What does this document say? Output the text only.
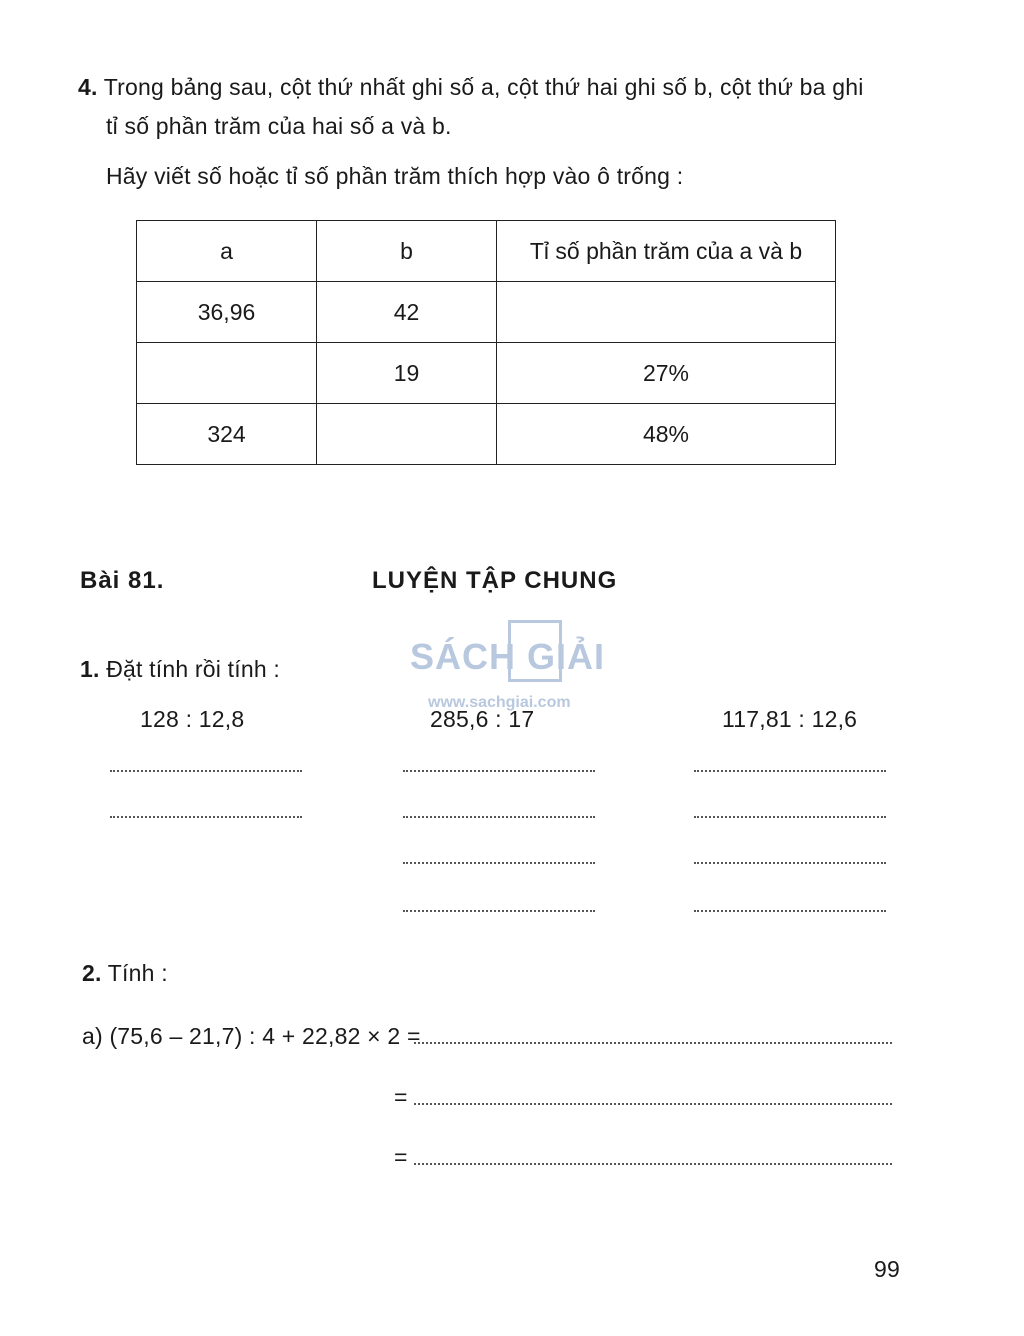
4. Trong bảng sau, cột thứ nhất ghi số a, cột thứ hai ghi số b, cột thứ ba ghi
tỉ số phần trăm của hai số a và b.
Hãy viết số hoặc tỉ số phần trăm thích hợp vào ô trống :
a	b	Tỉ số phần trăm của a và b
36,96	42	
	19	27%
324		48%
Bài 81.	LUYỆN TẬP CHUNG
SÁCH GIẢI
www.sachgiai.com
1. Đặt tính rồi tính :
128 : 12,8	285,6 : 17	117,81 : 12,6
2. Tính :
a) (75,6 – 21,7) : 4 + 22,82 × 2 =
=
=
99
